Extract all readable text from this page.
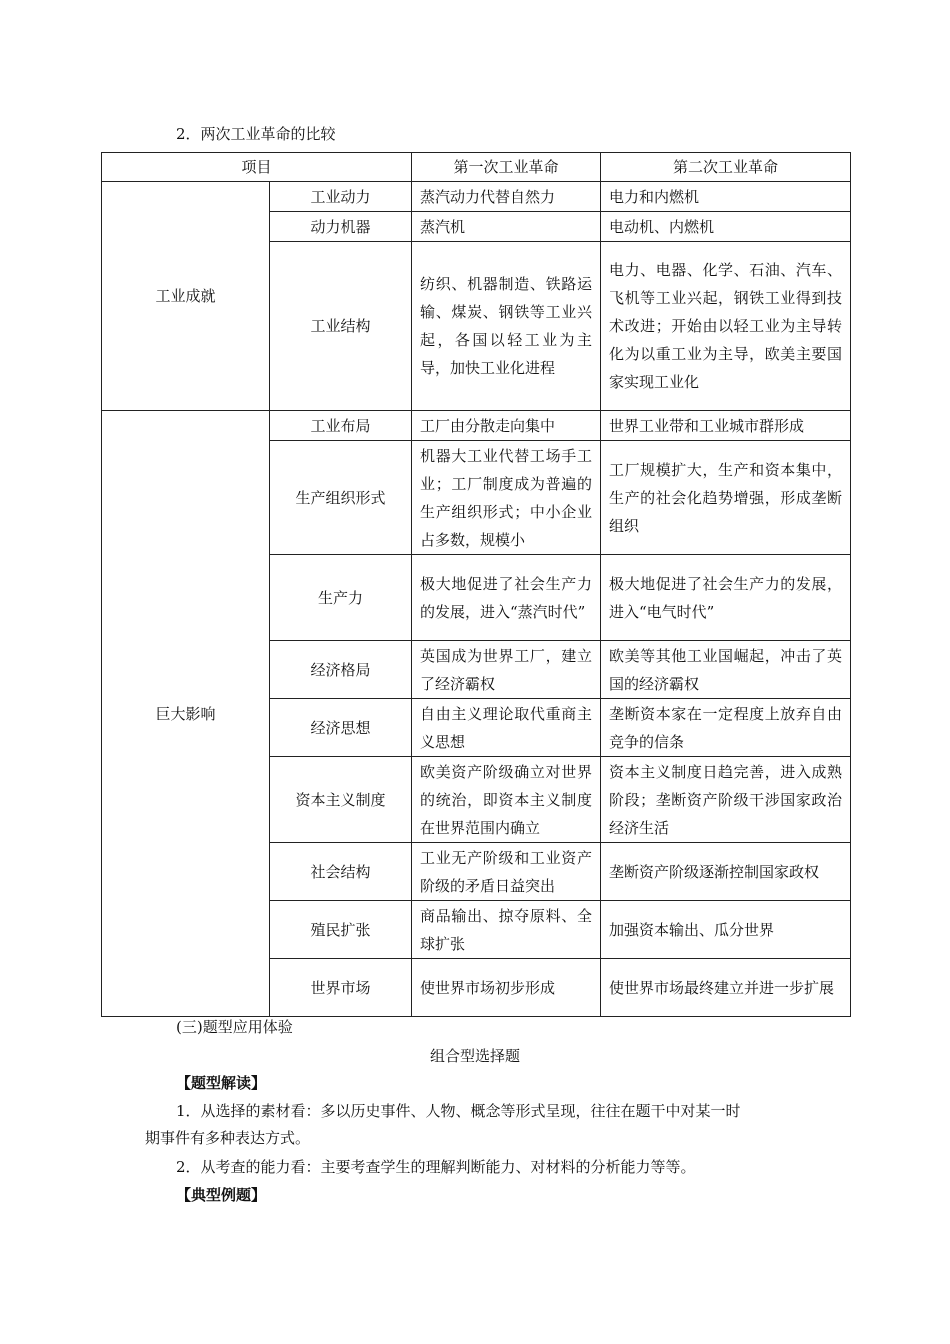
2．两次工业革命的比较
项目		第一次工业革命	第二次工业革命
工业成就	工业动力	蒸汽动力代替自然力	电力和内燃机
	动力机器	蒸汽机	电动机、内燃机
	工业结构	纺织、机器制造、铁路运输、煤炭、钢铁等工业兴起，各国以轻工业为主导，加快工业化进程	电力、电器、化学、石油、汽车、飞机等工业兴起，钢铁工业得到技术改进；开始由以轻工业为主导转化为以重工业为主导，欧美主要国家实现工业化
巨大影响	工业布局	工厂由分散走向集中	世界工业带和工业城市群形成
	生产组织形式	机器大工业代替工场手工业；工厂制度成为普遍的生产组织形式；中小企业占多数，规模小	工厂规模扩大，生产和资本集中，生产的社会化趋势增强，形成垄断组织
	生产力	极大地促进了社会生产力的发展，进入“蒸汽时代”	极大地促进了社会生产力的发展，进入“电气时代”
	经济格局	英国成为世界工厂，建立了经济霸权	欧美等其他工业国崛起，冲击了英国的经济霸权
	经济思想	自由主义理论取代重商主义思想	垄断资本家在一定程度上放弃自由竞争的信条
	资本主义制度	欧美资产阶级确立对世界的统治，即资本主义制度在世界范围内确立	资本主义制度日趋完善，进入成熟阶段；垄断资产阶级干涉国家政治经济生活
	社会结构	工业无产阶级和工业资产阶级的矛盾日益突出	垄断资产阶级逐渐控制国家政权
	殖民扩张	商品输出、掠夺原料、全球扩张	加强资本输出、瓜分世界
	世界市场	使世界市场初步形成	使世界市场最终建立并进一步扩展
(三)题型应用体验
组合型选择题
【题型解读】
1．从选择的素材看：多以历史事件、人物、概念等形式呈现，往往在题干中对某一时
期事件有多种表达方式。
2．从考查的能力看：主要考查学生的理解判断能力、对材料的分析能力等等。
【典型例题】
